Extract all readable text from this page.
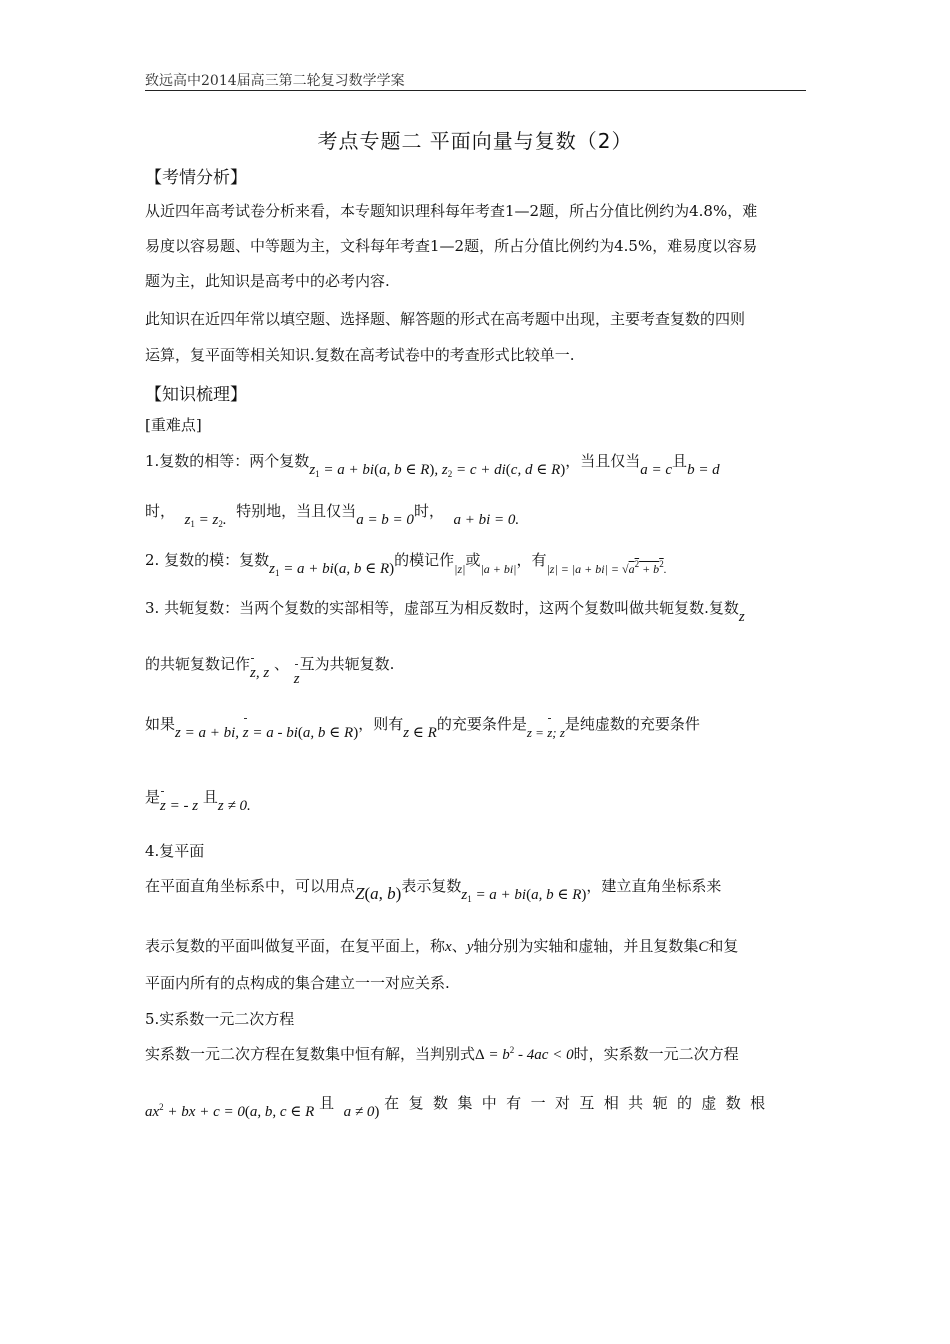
致远高中2014届高三第二轮复习数学学案
考点专题二 平面向量与复数（2）
【考情分析】
从近四年高考试卷分析来看，本专题知识理科每年考查1—2题，所占分值比例约为4.8%，难
易度以容易题、中等题为主，文科每年考查1—2题，所占分值比例约为4.5%，难易度以容易
题为主，此知识是高考中的必考内容.
此知识在近四年常以填空题、选择题、解答题的形式在高考题中出现，主要考查复数的四则
运算，复平面等相关知识.复数在高考试卷中的考查形式比较单一.
【知识梳理】
[重难点]
1.复数的相等：两个复数$z_1 = a + bi(a$, b ∈ R), $z_2 = c + di(c$, d ∈ R)，当且仅当a = c且b = d
时， $z_1 = z_2$. 特别地，当且仅当a = b = 0时， a + bi = 0.
2. 复数的模：复数$z_1 = a + bi(a$, b ∈ R)的模记作$_{|z|}$或$_{|a + bi|}$，有$_{|z| = |a + bi| = √a^2 + b^2.}$
3. 共轭复数：当两个复数的实部相等，虚部互为相反数时，这两个复数叫做共轭复数.复数z
的共轭复数记作z, z 、 z互为共轭复数.
如果z = a + bi, z = a - bi(a, b ∈ R)，则有z ∈ R的充要条件是z = z; z是纯虚数的充要条件
是z = - z 且z ≠ 0.
4.复平面
在平面直角坐标系中，可以用点Z(a, b)表示复数$z_1 = a + bi(a$, b ∈ R)，建立直角坐标系来
表示复数的平面叫做复平面，在复平面上，称x、y轴分别为实轴和虚轴，并且复数集C和复
平面内所有的点构成的集合建立一一对应关系.
5.实系数一元二次方程
实系数一元二次方程在复数集中恒有解，当判别式$\Delta = b^2 - 4ac < 0$时，实系数一元二次方程
$ax^2$ + bx + c = 0(a, b, c ∈ R 且 a ≠ 0) 在复数集中有一对互相共轭的虚数根
